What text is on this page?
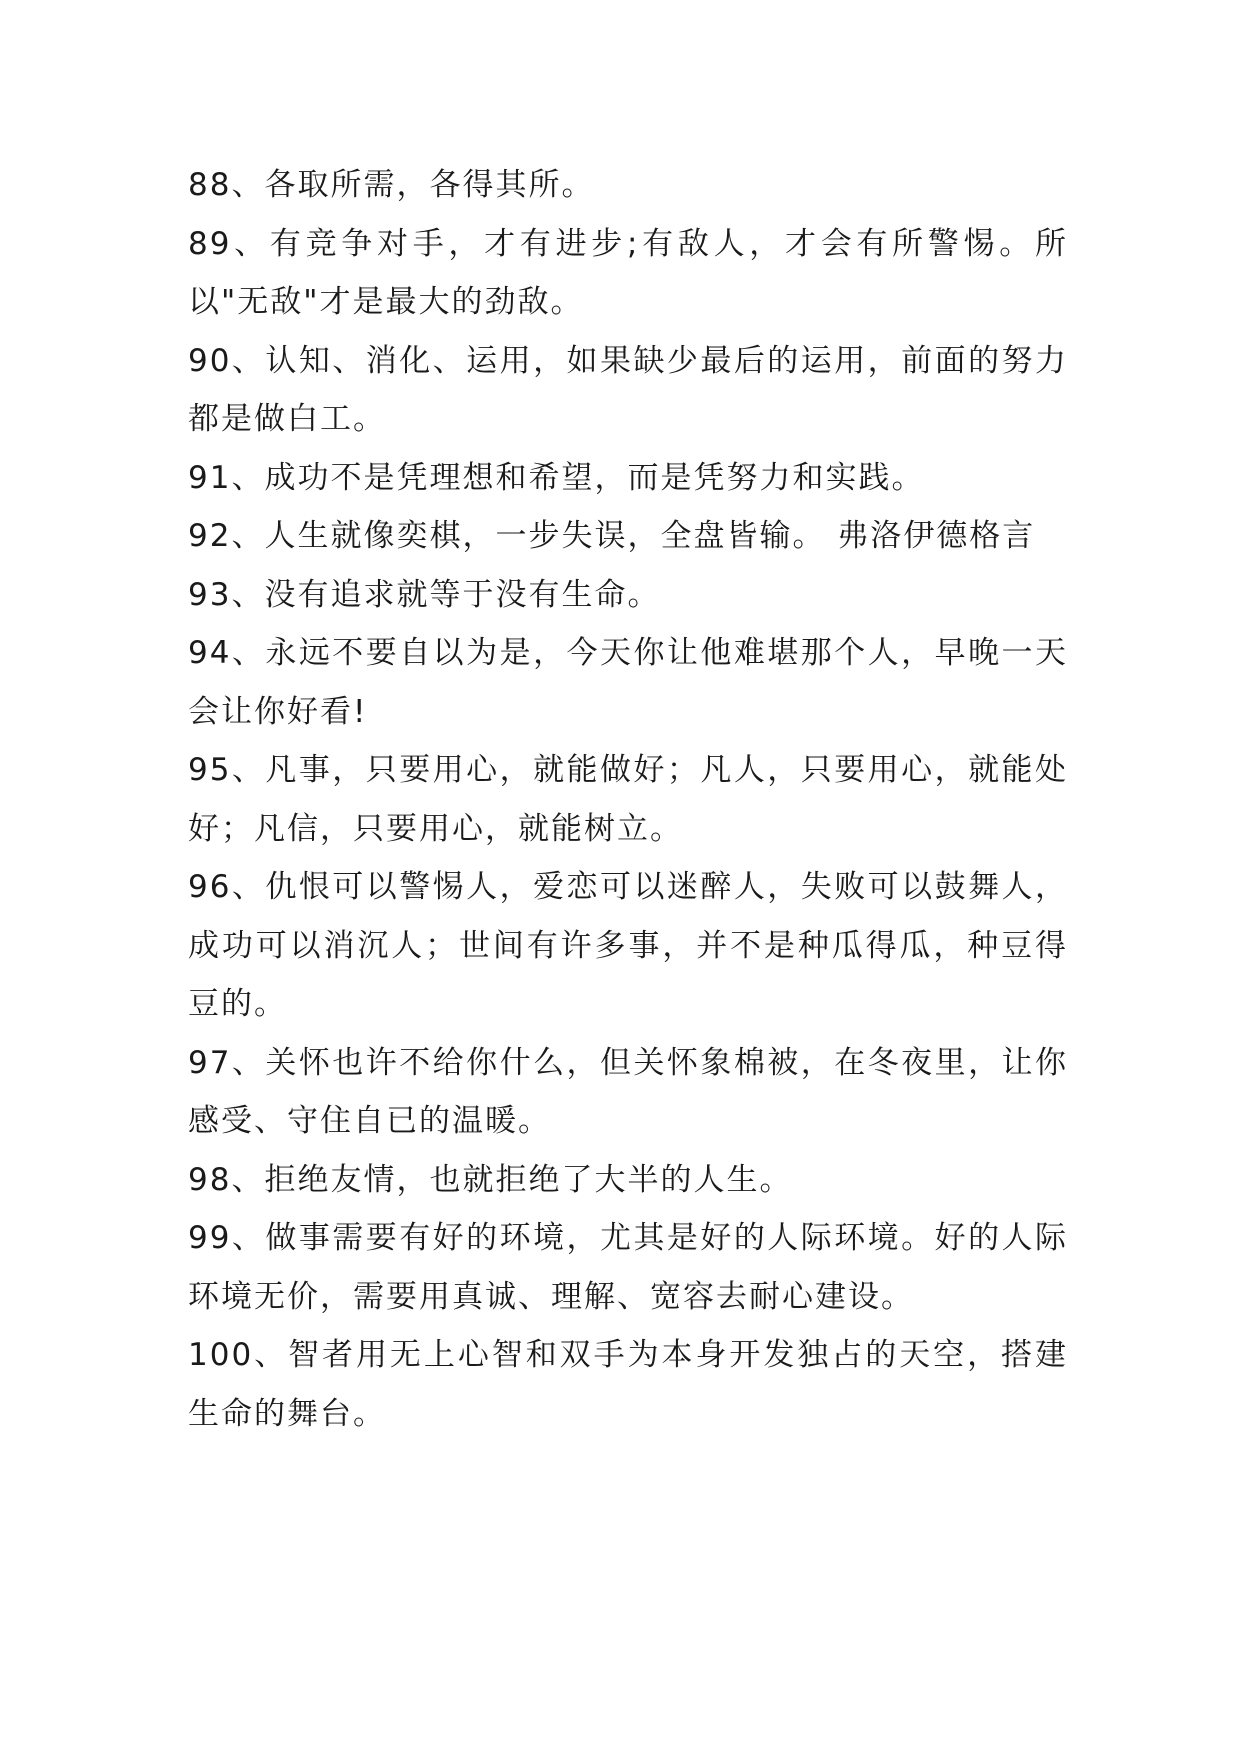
88、各取所需，各得其所。

89、有竞争对手，才有进步;有敌人，才会有所警惕。所以"无敌"才是最大的劲敌。

90、认知、消化、运用，如果缺少最后的运用，前面的努力都是做白工。

91、成功不是凭理想和希望，而是凭努力和实践。

92、人生就像奕棋，一步失误，全盘皆输。 弗洛伊德格言

93、没有追求就等于没有生命。

94、永远不要自以为是，今天你让他难堪那个人，早晚一天会让你好看!

95、凡事，只要用心，就能做好；凡人，只要用心，就能处好；凡信，只要用心，就能树立。

96、仇恨可以警惕人，爱恋可以迷醉人，失败可以鼓舞人，成功可以消沉人；世间有许多事，并不是种瓜得瓜，种豆得豆的。

97、关怀也许不给你什么，但关怀象棉被，在冬夜里，让你感受、守住自已的温暖。

98、拒绝友情，也就拒绝了大半的人生。

99、做事需要有好的环境，尤其是好的人际环境。好的人际环境无价，需要用真诚、理解、宽容去耐心建设。

100、智者用无上心智和双手为本身开发独占的天空，搭建生命的舞台。
